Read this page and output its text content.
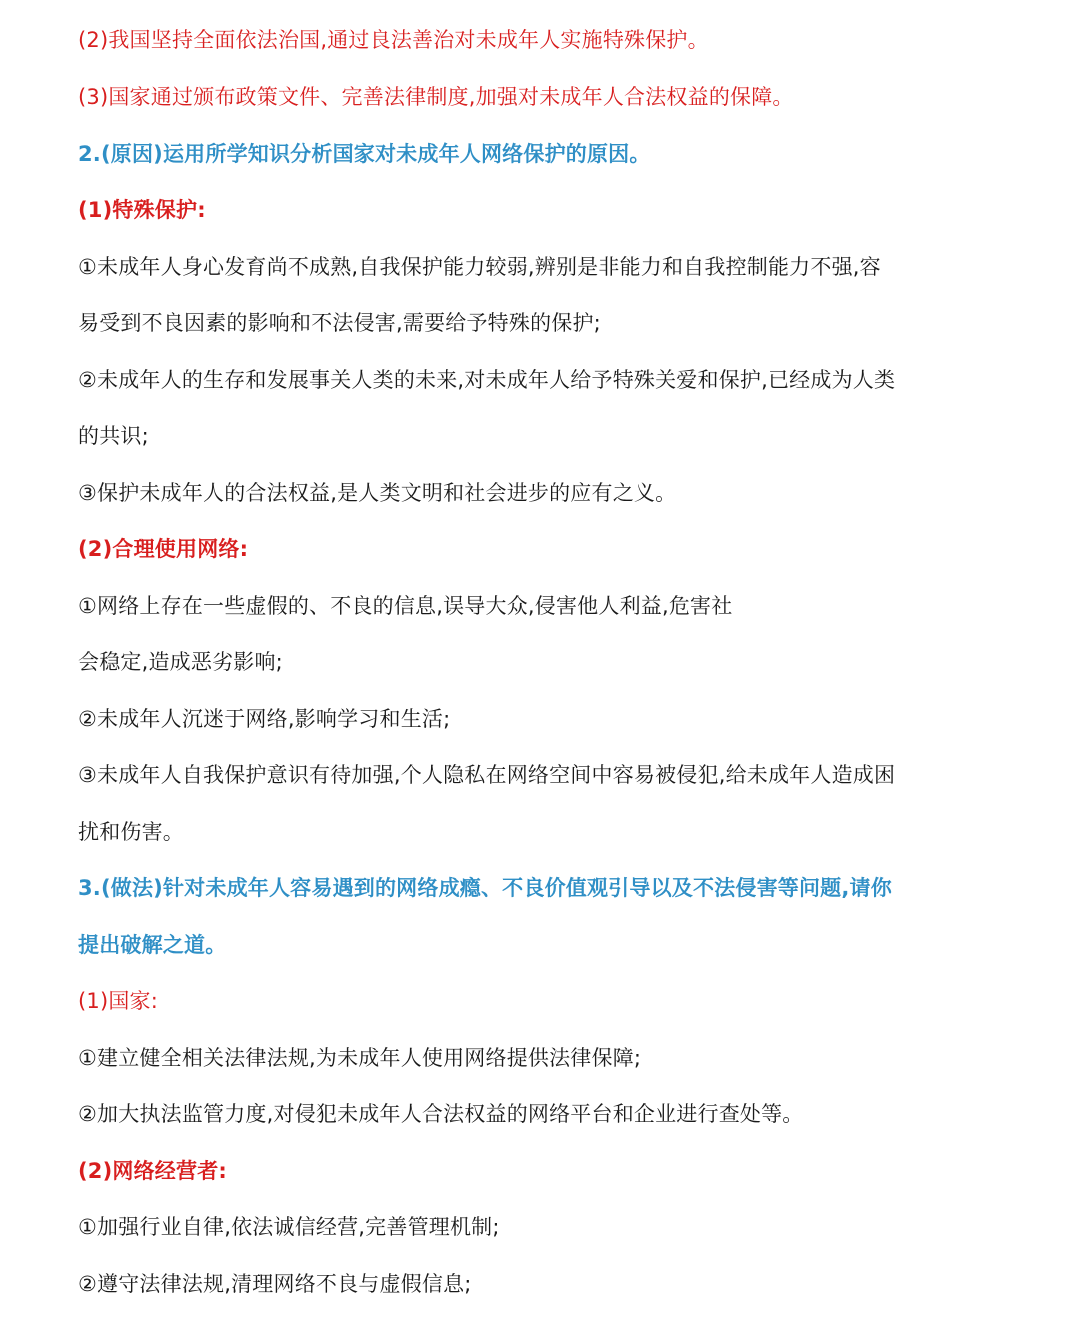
(2)我国坚持全面依法治国,通过良法善治对未成年人实施特殊保护。
(3)国家通过颁布政策文件、完善法律制度,加强对未成年人合法权益的保障。
2.(原因)运用所学知识分析国家对未成年人网络保护的原因。
(1)特殊保护:
①未成年人身心发育尚不成熟,自我保护能力较弱,辨别是非能力和自我控制能力不强,容
易受到不良因素的影响和不法侵害,需要给予特殊的保护;
②未成年人的生存和发展事关人类的未来,对未成年人给予特殊关爱和保护,已经成为人类
的共识;
③保护未成年人的合法权益,是人类文明和社会进步的应有之义。
(2)合理使用网络:
①网络上存在一些虚假的、不良的信息,误导大众,侵害他人利益,危害社
会稳定,造成恶劣影响;
②未成年人沉迷于网络,影响学习和生活;
③未成年人自我保护意识有待加强,个人隐私在网络空间中容易被侵犯,给未成年人造成困
扰和伤害。
3.(做法)针对未成年人容易遇到的网络成瘾、不良价值观引导以及不法侵害等问题,请你
提出破解之道。
(1)国家:
①建立健全相关法律法规,为未成年人使用网络提供法律保障;
②加大执法监管力度,对侵犯未成年人合法权益的网络平台和企业进行查处等。
(2)网络经营者:
①加强行业自律,依法诚信经营,完善管理机制;
②遵守法律法规,清理网络不良与虚假信息;
